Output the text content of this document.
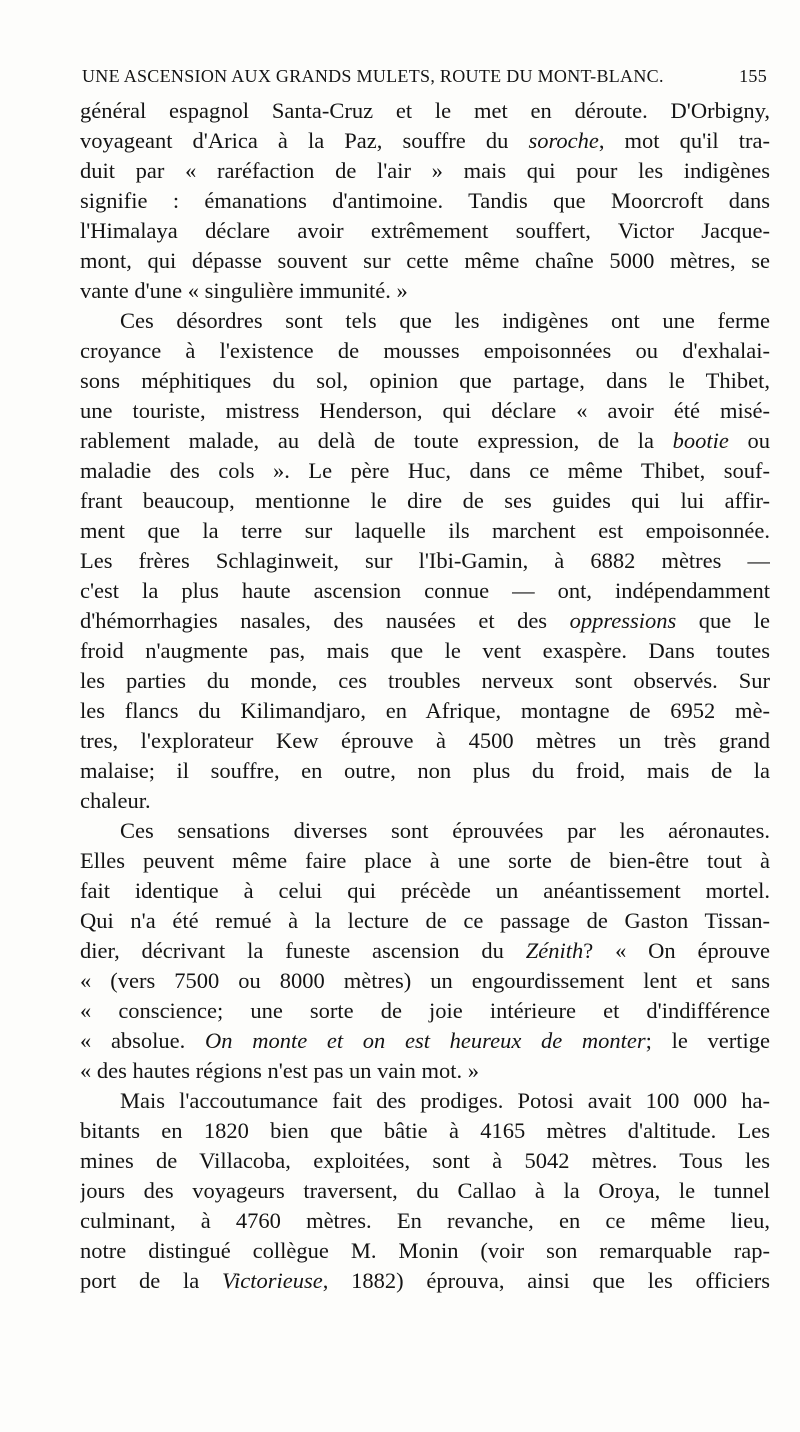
UNE ASCENSION AUX GRANDS MULETS, ROUTE DU MONT-BLANC.	155
général espagnol Santa-Cruz et le met en déroute. D'Orbigny,
voyageant d'Arica à la Paz, souffre du soroche, mot qu'il tra-
duit par « raréfaction de l'air » mais qui pour les indigènes
signifie : émanations d'antimoine. Tandis que Moorcroft dans
l'Himalaya déclare avoir extrêmement souffert, Victor Jacque-
mont, qui dépasse souvent sur cette même chaîne 5000 mètres, se
vante d'une « singulière immunité. »
Ces désordres sont tels que les indigènes ont une ferme
croyance à l'existence de mousses empoisonnées ou d'exhalai-
sons méphitiques du sol, opinion que partage, dans le Thibet,
une touriste, mistress Henderson, qui déclare « avoir été misé-
rablement malade, au delà de toute expression, de la bootie ou
maladie des cols ». Le père Huc, dans ce même Thibet, souf-
frant beaucoup, mentionne le dire de ses guides qui lui affir-
ment que la terre sur laquelle ils marchent est empoisonnée.
Les frères Schlaginweit, sur l'Ibi-Gamin, à 6882 mètres —
c'est la plus haute ascension connue — ont, indépendamment
d'hémorrhagies nasales, des nausées et des oppressions que le
froid n'augmente pas, mais que le vent exaspère. Dans toutes
les parties du monde, ces troubles nerveux sont observés. Sur
les flancs du Kilimandjaro, en Afrique, montagne de 6952 mè-
tres, l'explorateur Kew éprouve à 4500 mètres un très grand
malaise; il souffre, en outre, non plus du froid, mais de la
chaleur.
Ces sensations diverses sont éprouvées par les aéronautes.
Elles peuvent même faire place à une sorte de bien-être tout à
fait identique à celui qui précède un anéantissement mortel.
Qui n'a été remué à la lecture de ce passage de Gaston Tissan-
dier, décrivant la funeste ascension du Zénith? « On éprouve
« (vers 7500 ou 8000 mètres) un engourdissement lent et sans
« conscience; une sorte de joie intérieure et d'indifférence
« absolue. On monte et on est heureux de monter; le vertige
« des hautes régions n'est pas un vain mot. »
Mais l'accoutumance fait des prodiges. Potosi avait 100 000 ha-
bitants en 1820 bien que bâtie à 4165 mètres d'altitude. Les
mines de Villacoba, exploitées, sont à 5042 mètres. Tous les
jours des voyageurs traversent, du Callao à la Oroya, le tunnel
culminant, à 4760 mètres. En revanche, en ce même lieu,
notre distingué collègue M. Monin (voir son remarquable rap-
port de la Victorieuse, 1882) éprouva, ainsi que les officiers
